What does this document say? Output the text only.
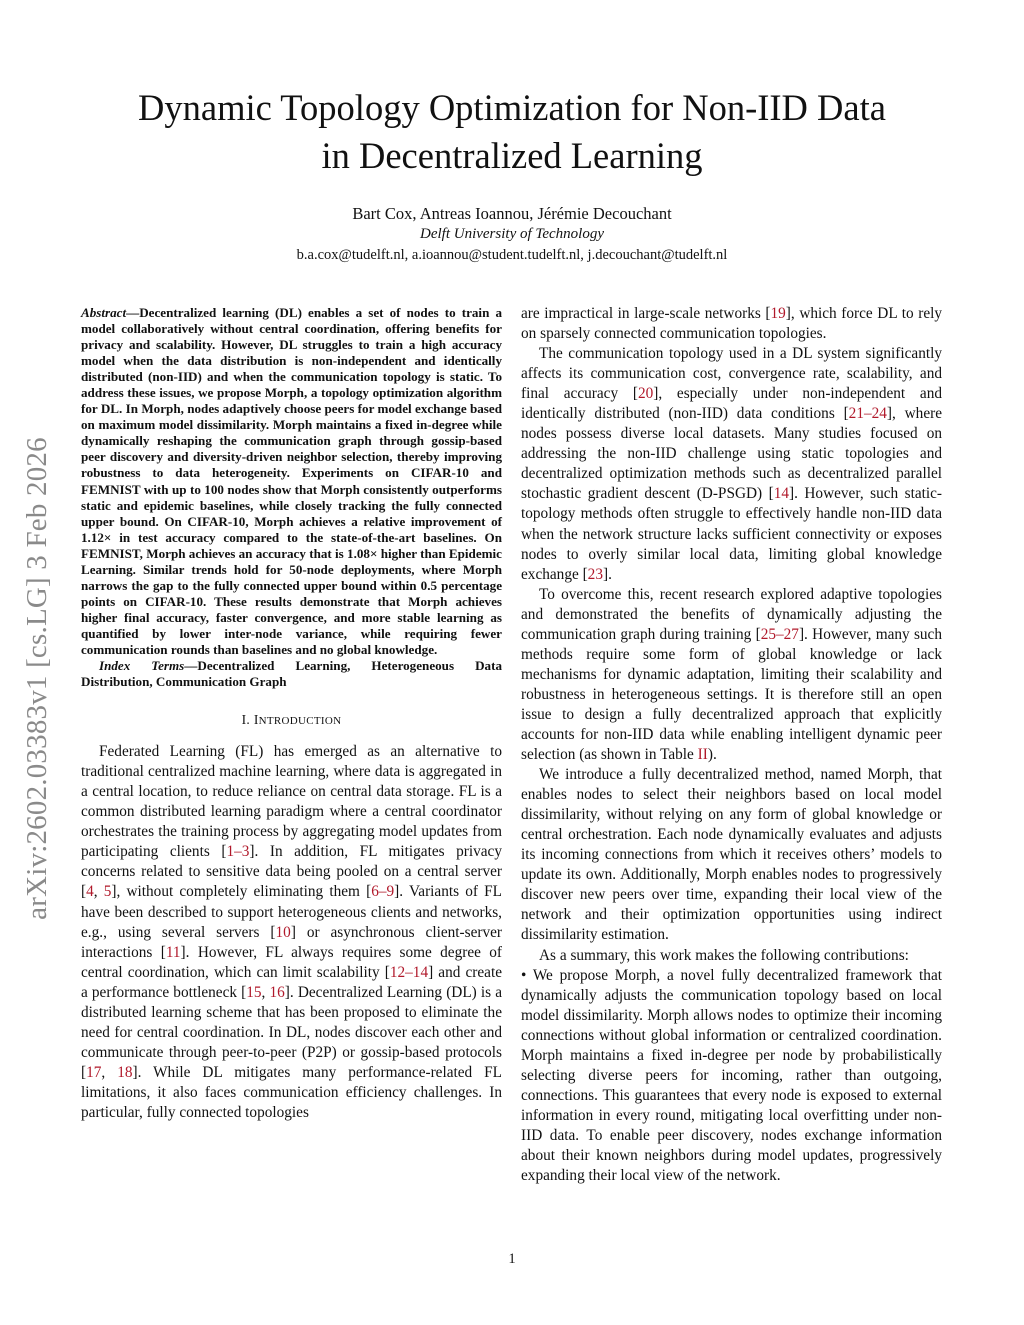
arXiv:2602.03383v1 [cs.LG] 3 Feb 2026
Dynamic Topology Optimization for Non-IID Data
in Decentralized Learning
Bart Cox, Antreas Ioannou, Jérémie Decouchant
Delft University of Technology
b.a.cox@tudelft.nl, a.ioannou@student.tudelft.nl, j.decouchant@tudelft.nl

Abstract—Decentralized learning (DL) enables a set of nodes to train a model collaboratively without central coordination, offering benefits for privacy and scalability. However, DL struggles to train a high accuracy model when the data distribution is non-independent and identically distributed (non-IID) and when the communication topology is static. To address these issues, we propose Morph, a topology optimization algorithm for DL. In Morph, nodes adaptively choose peers for model exchange based on maximum model dissimilarity. Morph maintains a fixed in-degree while dynamically reshaping the communication graph through gossip-based peer discovery and diversity-driven neighbor selection, thereby improving robustness to data heterogeneity. Experiments on CIFAR-10 and FEMNIST with up to 100 nodes show that Morph consistently outperforms static and epidemic baselines, while closely tracking the fully connected upper bound. On CIFAR-10, Morph achieves a relative improvement of 1.12× in test accuracy compared to the state-of-the-art baselines. On FEMNIST, Morph achieves an accuracy that is 1.08× higher than Epidemic Learning. Similar trends hold for 50-node deployments, where Morph narrows the gap to the fully connected upper bound within 0.5 percentage points on CIFAR-10. These results demonstrate that Morph achieves higher final accuracy, faster convergence, and more stable learning as quantified by lower inter-node variance, while requiring fewer communication rounds than baselines and no global knowledge.

Index Terms—Decentralized Learning, Heterogeneous Data Distribution, Communication Graph

I. INTRODUCTION

Federated Learning (FL) has emerged as an alternative to traditional centralized machine learning, where data is aggregated in a central location, to reduce reliance on central data storage. FL is a common distributed learning paradigm where a central coordinator orchestrates the training process by aggregating model updates from participating clients [1–3]. In addition, FL mitigates privacy concerns related to sensitive data being pooled on a central server [4, 5], without completely eliminating them [6–9]. Variants of FL have been described to support heterogeneous clients and networks, e.g., using several servers [10] or asynchronous client-server interactions [11]. However, FL always requires some degree of central coordination, which can limit scalability [12–14] and create a performance bottleneck [15, 16]. Decentralized Learning (DL) is a distributed learning scheme that has been proposed to eliminate the need for central coordination. In DL, nodes discover each other and communicate through peer-to-peer (P2P) or gossip-based protocols [17, 18]. While DL mitigates many performance-related FL limitations, it also faces communication efficiency challenges. In particular, fully connected topologies

are impractical in large-scale networks [19], which force DL to rely on sparsely connected communication topologies.

The communication topology used in a DL system significantly affects its communication cost, convergence rate, scalability, and final accuracy [20], especially under non-independent and identically distributed (non-IID) data conditions [21–24], where nodes possess diverse local datasets. Many studies focused on addressing the non-IID challenge using static topologies and decentralized optimization methods such as decentralized parallel stochastic gradient descent (D-PSGD) [14]. However, such static-topology methods often struggle to effectively handle non-IID data when the network structure lacks sufficient connectivity or exposes nodes to overly similar local data, limiting global knowledge exchange [23].

To overcome this, recent research explored adaptive topologies and demonstrated the benefits of dynamically adjusting the communication graph during training [25–27]. However, many such methods require some form of global knowledge or lack mechanisms for dynamic adaptation, limiting their scalability and robustness in heterogeneous settings. It is therefore still an open issue to design a fully decentralized approach that explicitly accounts for non-IID data while enabling intelligent dynamic peer selection (as shown in Table II).

We introduce a fully decentralized method, named Morph, that enables nodes to select their neighbors based on local model dissimilarity, without relying on any form of global knowledge or central orchestration. Each node dynamically evaluates and adjusts its incoming connections from which it receives others’ models to update its own. Additionally, Morph enables nodes to progressively discover new peers over time, expanding their local view of the network and their optimization opportunities using indirect dissimilarity estimation.

As a summary, this work makes the following contributions:

• We propose Morph, a novel fully decentralized framework that dynamically adjusts the communication topology based on local model dissimilarity. Morph allows nodes to optimize their incoming connections without global information or centralized coordination. Morph maintains a fixed in-degree per node by probabilistically selecting diverse peers for incoming, rather than outgoing, connections. This guarantees that every node is exposed to external information in every round, mitigating local overfitting under non-IID data. To enable peer discovery, nodes exchange information about their known neighbors during model updates, progressively expanding their local view of the network.

1
